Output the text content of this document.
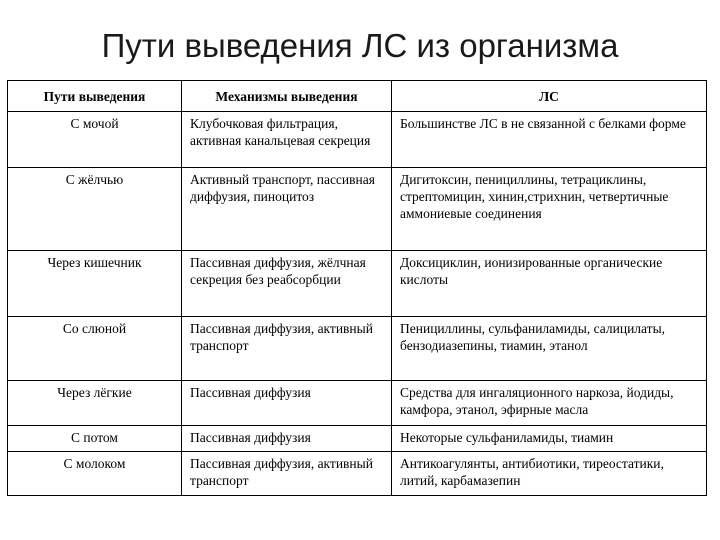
Пути выведения ЛС из организма
Пути выведения	Механизмы выведения	ЛС
С мочой	Клубочковая фильтрация, активная канальцевая секреция	Большинстве ЛС в не связанной с белками форме
С жёлчью	Активный транспорт, пассивная диффузия, пиноцитоз	Дигитоксин, пенициллины, тетрациклины, стрептомицин, хинин,стрихнин, четвертичные аммониевые соединения
Через кишечник	Пассивная диффузия, жёлчная секреция без реабсорбции	Доксициклин, ионизированные органические кислоты
Со слюной	Пассивная диффузия, активный транспорт	Пенициллины, сульфаниламиды, салицилаты, бензодиазепины, тиамин, этанол
Через лёгкие	Пассивная диффузия	Средства для ингаляционного наркоза, йодиды, камфора, этанол, эфирные масла
С потом	Пассивная диффузия	Некоторые сульфаниламиды, тиамин
С молоком	Пассивная диффузия, активный транспорт	Антикоагулянты, антибиотики, тиреостатики, литий, карбамазепин
